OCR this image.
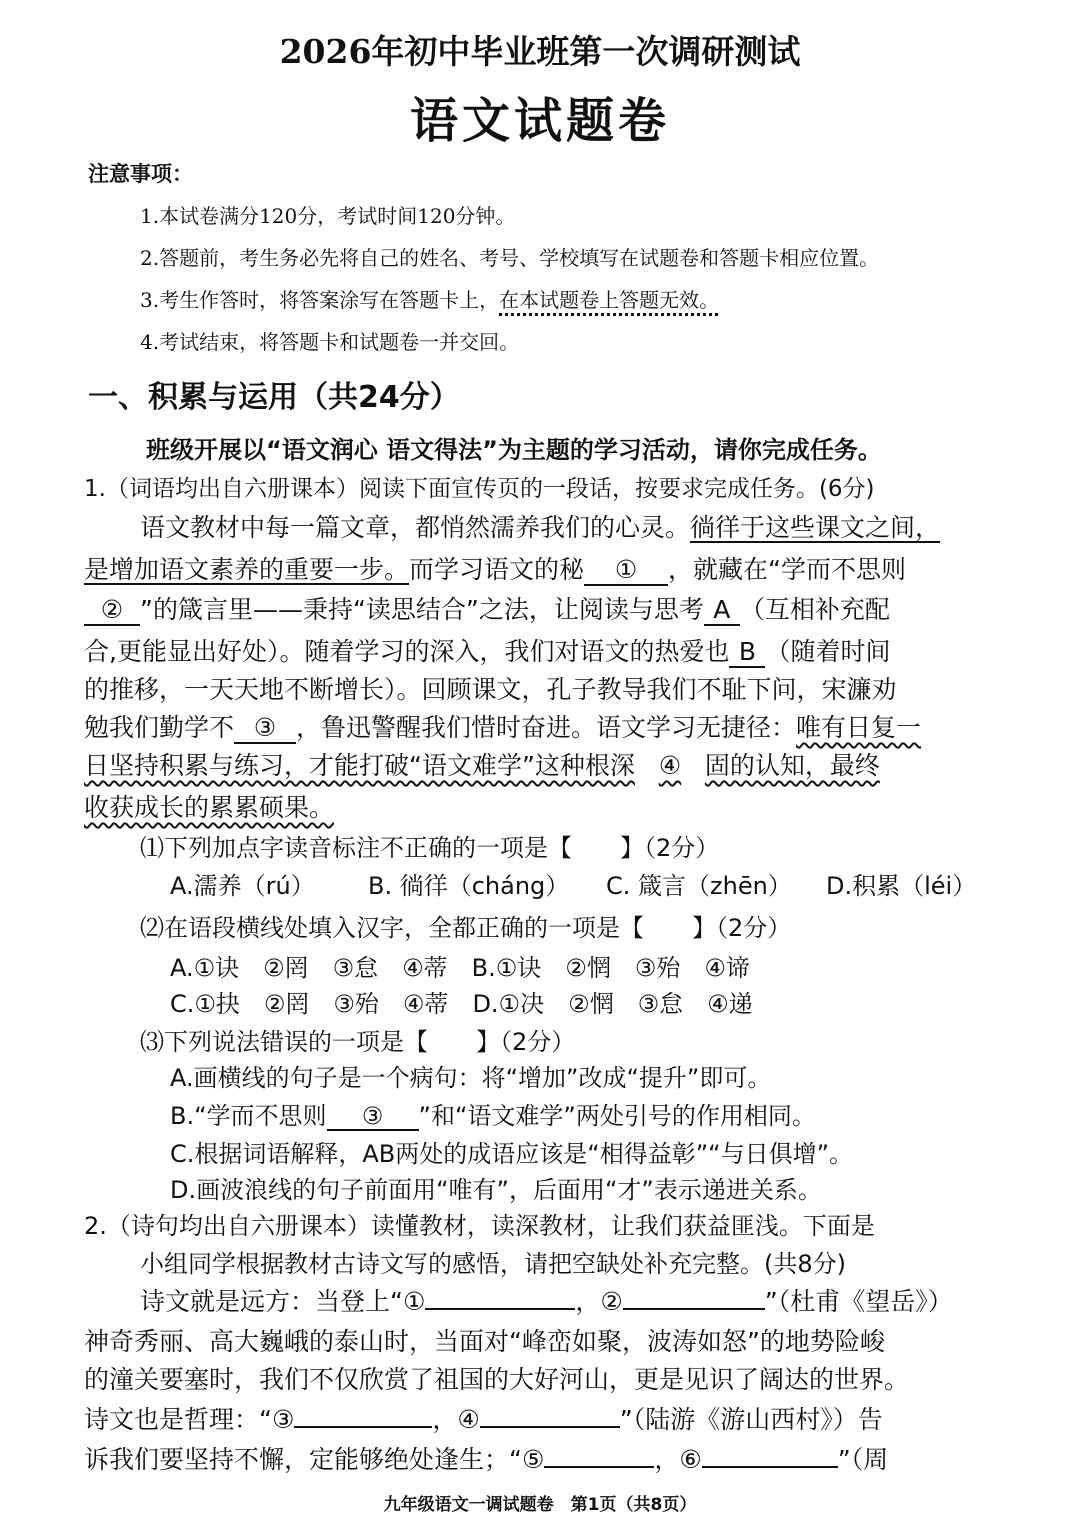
2026年初中毕业班第一次调研测试
语文试题卷
注意事项：
1.本试卷满分120分，考试时间120分钟。
2.答题前，考生务必先将自己的姓名、考号、学校填写在试题卷和答题卡相应位置。
3.考生作答时，将答案涂写在答题卡上，在本试题卷上答题无效。
4.考试结束，将答题卡和试题卷一并交回。
一、积累与运用（共24分）
班级开展以“语文润心 语文得法”为主题的学习活动，请你完成任务。
1.（词语均出自六册课本）阅读下面宣传页的一段话，按要求完成任务。(6分)
语文教材中每一篇文章，都悄然濡养我们的心灵。徜徉于这些课文之间，
是增加语文素养的重要一步。而学习语文的秘 ① ，就藏在“学而不思则
② ”的箴言里——秉持“读思结合”之法，让阅读与思考 A （互相补充配
合,更能显出好处）。随着学习的深入，我们对语文的热爱也 B （随着时间
的推移，一天天地不断增长）。回顾课文，孔子教导我们不耻下问，宋濂劝
勉我们勤学不 ③ ，鲁迅警醒我们惜时奋进。语文学习无捷径：唯有日复一
日坚持积累与练习，才能打破“语文难学”这种根深 ④ 固的认知，最终
收获成长的累累硕果。
⑴下列加点字读音标注不正确的一项是【　　】（2分）
A.濡养（rú） B. 徜徉（cháng） C. 箴言（zhēn） D.积累（léi）
⑵在语段横线处填入汉字，全都正确的一项是【　　】（2分）
A.①诀　②罔　③怠　④蒂　B.①诀　②惘　③殆　④谛
C.①抉　②罔　③殆　④蒂　D.①决　②惘　③怠　④递
⑶下列说法错误的一项是【　　】（2分）
A.画横线的句子是一个病句：将“增加”改成“提升”即可。
B.“学而不思则 ③ ”和“语文难学”两处引号的作用相同。
C.根据词语解释，AB两处的成语应该是“相得益彰”“与日俱增”。
D.画波浪线的句子前面用“唯有”，后面用“才”表示递进关系。
2.（诗句均出自六册课本）读懂教材，读深教材，让我们获益匪浅。下面是
小组同学根据教材古诗文写的感悟，请把空缺处补充完整。(共8分)
诗文就是远方：当登上“①	，②	”（杜甫《望岳》）
神奇秀丽、高大巍峨的泰山时，当面对“峰峦如聚，波涛如怒”的地势险峻
的潼关要塞时，我们不仅欣赏了祖国的大好河山，更是见识了阔达的世界。
诗文也是哲理：“③	，④	”（陆游《游山西村》）告
诉我们要坚持不懈，定能够绝处逢生；“⑤	，⑥	”（周
九年级语文一调试题卷　第1页（共8页）
